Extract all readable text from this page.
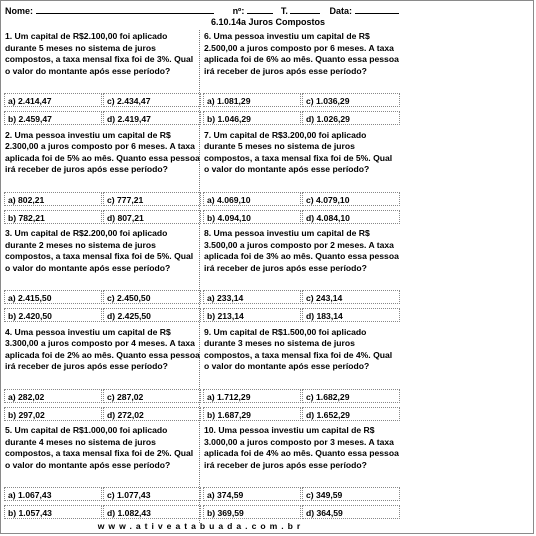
Nome:	nº:	T.	Data:
6.10.14a Juros Compostos
1. Um capital de R$2.100,00 foi aplicado durante 5 meses no sistema de juros compostos, a taxa mensal fixa foi de 3%. Qual o valor do montante após esse período?
a) 2.414,47	c) 2.434,47
b) 2.459,47	d) 2.419,47
2. Uma pessoa investiu um capital de R$ 2.300,00 a juros composto por 6 meses. A taxa aplicada foi de 5% ao mês. Quanto essa pessoa irá receber de juros após esse período?
a) 802,21	c) 777,21
b) 782,21	d) 807,21
3. Um capital de R$2.200,00 foi aplicado durante 2 meses no sistema de juros compostos, a taxa mensal fixa foi de 5%. Qual o valor do montante após esse período?
a) 2.415,50	c) 2.450,50
b) 2.420,50	d) 2.425,50
4. Uma pessoa investiu um capital de R$ 3.300,00 a juros composto por 4 meses. A taxa aplicada foi de 2% ao mês. Quanto essa pessoa irá receber de juros após esse período?
a) 282,02	c) 287,02
b) 297,02	d) 272,02
5. Um capital de R$1.000,00 foi aplicado durante 4 meses no sistema de juros compostos, a taxa mensal fixa foi de 2%. Qual o valor do montante após esse período?
a) 1.067,43	c) 1.077,43
b) 1.057,43	d) 1.082,43
6. Uma pessoa investiu um capital de R$ 2.500,00 a juros composto por 6 meses. A taxa aplicada foi de 6% ao mês. Quanto essa pessoa irá receber de juros após esse período?
a) 1.081,29	c) 1.036,29
b) 1.046,29	d) 1.026,29
7. Um capital de R$3.200,00 foi aplicado durante 5 meses no sistema de juros compostos, a taxa mensal fixa foi de 5%. Qual o valor do montante após esse período?
a) 4.069,10	c) 4.079,10
b) 4.094,10	d) 4.084,10
8. Uma pessoa investiu um capital de R$ 3.500,00 a juros composto por 2 meses. A taxa aplicada foi de 3% ao mês. Quanto essa pessoa irá receber de juros após esse período?
a) 233,14	c) 243,14
b) 213,14	d) 183,14
9. Um capital de R$1.500,00 foi aplicado durante 3 meses no sistema de juros compostos, a taxa mensal fixa foi de 4%. Qual o valor do montante após esse período?
a) 1.712,29	c) 1.682,29
b) 1.687,29	d) 1.652,29
10. Uma pessoa investiu um capital de R$ 3.000,00 a juros composto por 3 meses. A taxa aplicada foi de 4% ao mês. Quanto essa pessoa irá receber de juros após esse período?
a) 374,59	c) 349,59
b) 369,59	d) 364,59
www.ativeatabuada.com.br
